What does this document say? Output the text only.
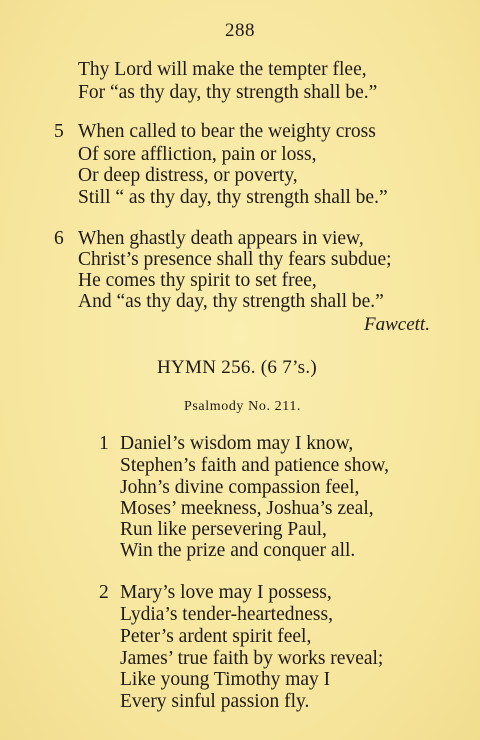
288
Thy Lord will make the tempter flee,
For “as thy day, thy strength shall be.”
5 When called to bear the weighty cross
Of sore affliction, pain or loss,
Or deep distress, or poverty,
Still “ as thy day, thy strength shall be.”
6 When ghastly death appears in view,
Christ’s presence shall thy fears subdue;
He comes thy spirit to set free,
And “as thy day, thy strength shall be.”
Fawcett.
HYMN 256. (6 7’s.)
Psalmody No. 211.
1 Daniel’s wisdom may I know,
Stephen’s faith and patience show,
John’s divine compassion feel,
Moses’ meekness, Joshua’s zeal,
Run like persevering Paul,
Win the prize and conquer all.
2 Mary’s love may I possess,
Lydia’s tender-heartedness,
Peter’s ardent spirit feel,
James’ true faith by works reveal;
Like young Timothy may I
Every sinful passion fly.
